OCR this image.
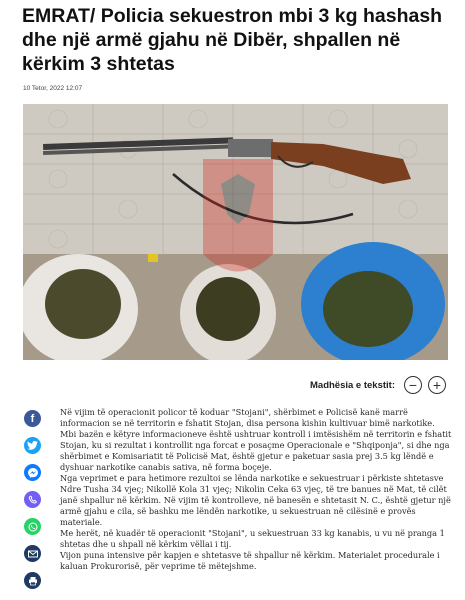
EMRAT/ Policia sekuestron mbi 3 kg hashash dhe një armë gjahu në Dibër, shpallen në kërkim 3 shtetas
10 Tetor, 2022 12:07
Madhësia e tekstit: − +
f

Në vijim të operacionit policor të koduar "Stojani", shërbimet e Policisë kanë marrë informacion se në territorin e fshatit Stojan, disa persona kishin kultivuar bimë narkotike.

Mbi bazën e këtyre informacioneve është ushtruar kontroll i imtësishëm në territorin e fshatit Stojan, ku si rezultat i kontrollit nga forcat e posaçme Operacionale e "Shqiponja", si dhe nga shërbimet e Komisariatit të Policisë Mat, është gjetur e paketuar sasia prej 3.5 kg lëndë e dyshuar narkotike canabis sativa, në forma boçeje.

Nga veprimet e para hetimore rezultoi se lënda narkotike e sekuestruar i përkiste shtetasve Ndre Tusha 34 vjeç; Nikollë Kola 31 vjeç; Nikolin Ceka 63 vjeç, të tre banues në Mat, të cilët janë shpallur në kërkim. Në vijim të kontrolleve, në banesën e shtetasit N. C., është gjetur një armë gjahu e cila, së bashku me lëndën narkotike, u sekuestruan në cilësinë e provës materiale.

Me herët, në kuadër të operacionit "Stojani", u sekuestruan 33 kg kanabis, u vu në pranga 1 shtetas dhe u shpall në kërkim vëllai i tij.

Vijon puna intensive për kapjen e shtetasve të shpallur në kërkim. Materialet procedurale i kaluan Prokurorisë, për veprime të mëtejshme.
